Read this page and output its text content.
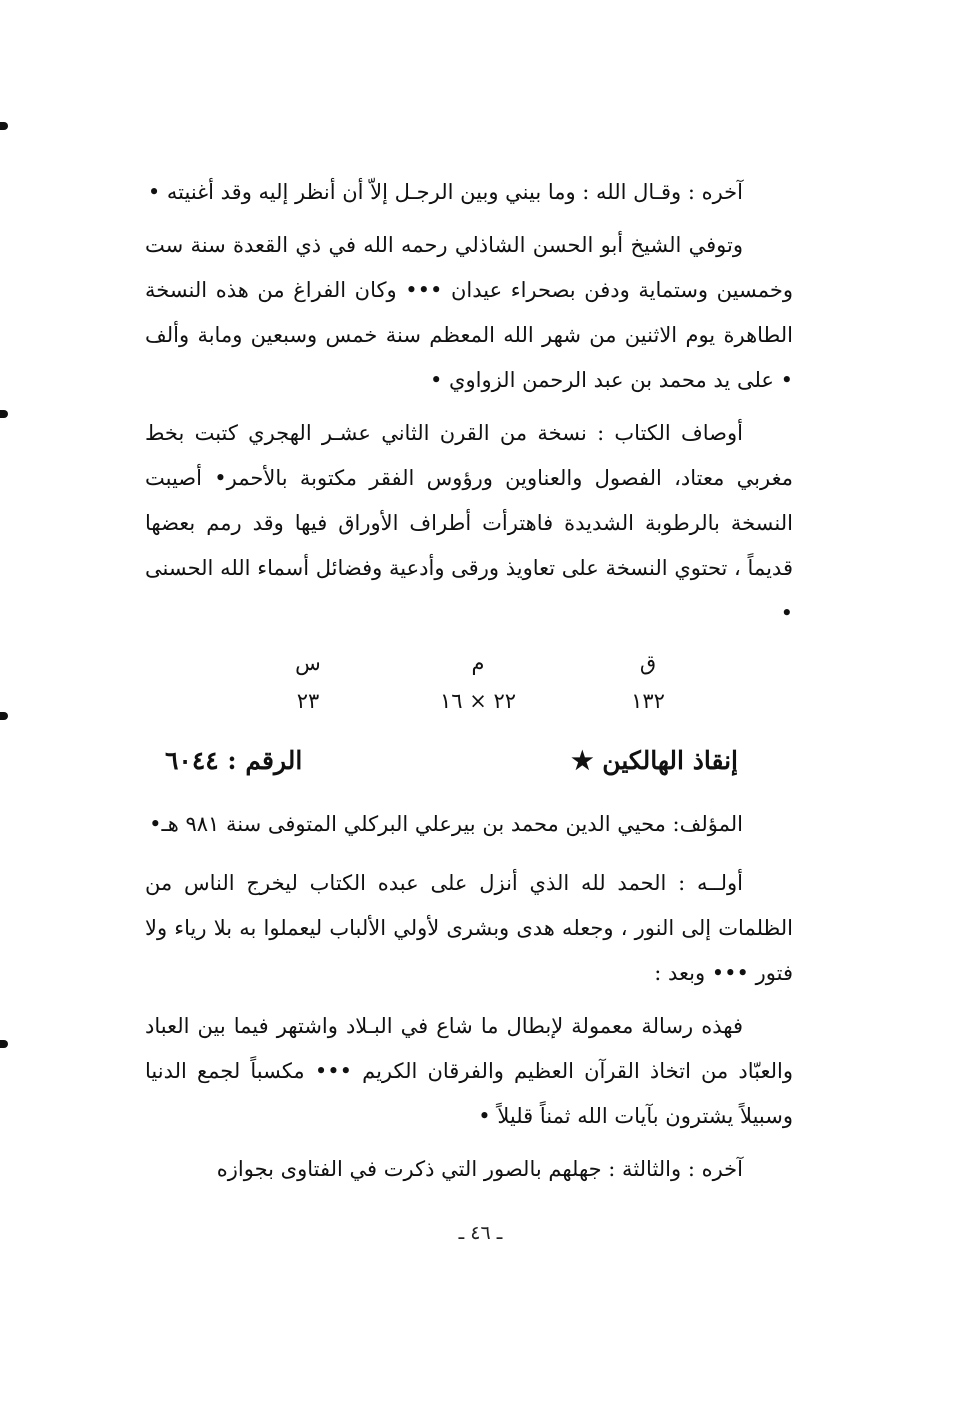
آخره : وقـال الله : وما بيني وبين الرجـل إلاّ أن أنظر إليه وقد أغنيته •

وتوفي الشيخ أبو الحسن الشاذلي رحمه الله في ذي القعدة سنة ست وخمسين وستماية ودفن بصحراء عيدان ••• وكان الفراغ من هذه النسخة الطاهرة يوم الاثنين من شهر الله المعظم سنة خمس وسبعين ومابة وألف • على يد محمد بن عبد الرحمن الزواوي •

أوصاف الكتاب : نسخة من القرن الثاني عشـر الهجري كتبت بخط مغربي معتاد، الفصول والعناوين ورؤوس الفقر مكتوبة بالأحمر• أصيبت النسخة بالرطوبة الشديدة فاهترأت أطراف الأوراق فيها وقد رمم بعضها قديماً ، تحتوي النسخة على تعاويذ ورقى وأدعية وفضائل أسماء الله الحسنى •

ق
١٣٢
م
٢٢ × ١٦
س
٢٣
إنقاذ الهالكين ★
الرقم : ٦٠٤٤

المؤلف: محيي الدين محمد بن بيرعلي البركلي المتوفى سنة ٩٨١ هـ•

أولــه : الحمد لله الذي أنزل على عبده الكتاب ليخرج الناس من الظلمات إلى النور ، وجعله هدى وبشرى لأولي الألباب ليعملوا به بلا رياء ولا فتور ••• وبعد :

فهذه رسالة معمولة لإبطال ما شاع في البـلاد واشتهر فيما بين العباد والعبّاد من اتخاذ القرآن العظيم والفرقان الكريم ••• مكسباً لجمع الدنيا وسبيلاً يشترون بآيات الله ثمناً قليلاً •

آخره : والثالثة : جهلهم بالصور التي ذكرت في الفتاوى بجوازه

ـ ٤٦ ـ
